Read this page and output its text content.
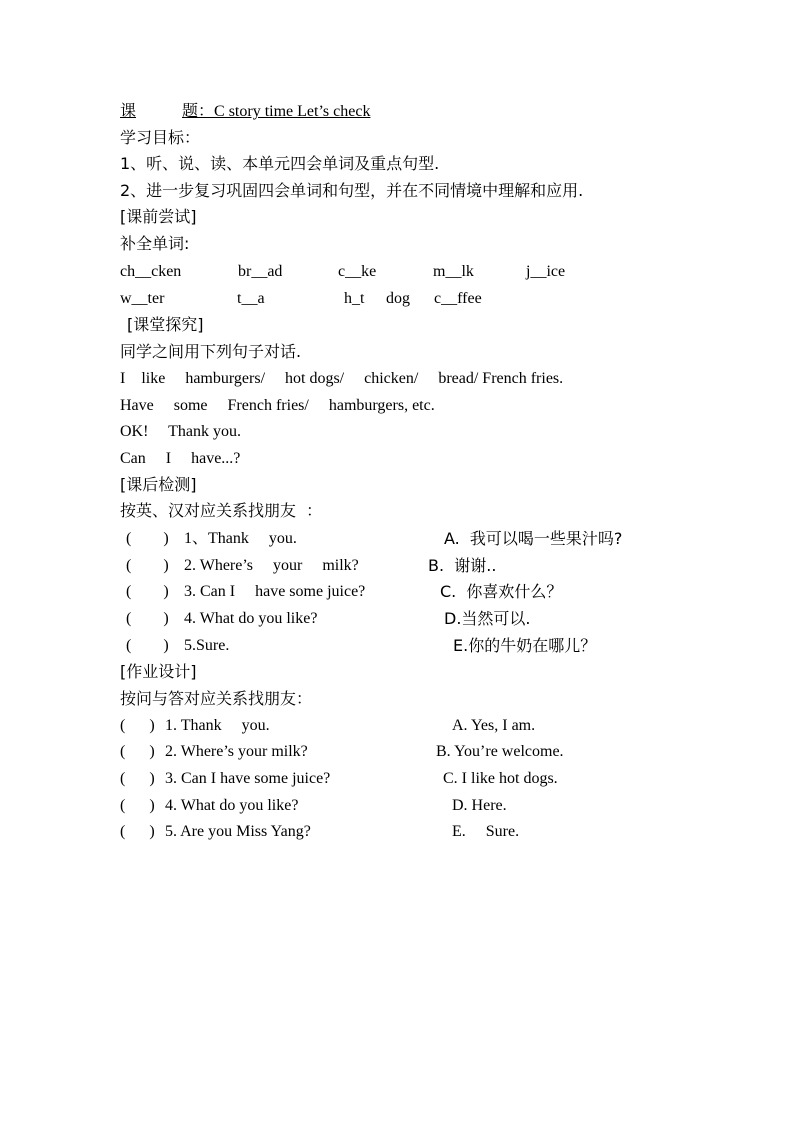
课	题：C story time Let’s check
学习目标：
1、听、说、读、本单元四会单词及重点句型.
2、进一步复习巩固四会单词和句型，并在不同情境中理解和应用.
[课前尝试]
补全单词:
ch__cken	br__ad	c__ke	m__lk	j__ice
w__ter	t__a	h_t dog c__ffee
[课堂探究]
同学之间用下列句子对话.
I    like     hamburgers/     hot dogs/     chicken/     bread/ French fries.
Have     some     French fries/     hamburgers, etc.
OK!     Thank you.
Can     I     have...?
[课后检测]
按英、汉对应关系找朋友  ：
(        ) 1、Thank     you.	A.  我可以喝一些果汁吗?
(        ) 2. Where’s     your     milk?	B.  谢谢..
(        ) 3. Can I     have some juice?	C.  你喜欢什么？
(        ) 4. What do you like?	D.当然可以.
(        ) 5.Sure.	E.你的牛奶在哪儿？
[作业设计]
按问与答对应关系找朋友：
(      ) 1. Thank     you.	A. Yes, I am.
(      ) 2. Where’s your milk?	B. You’re welcome.
(      ) 3. Can I have some juice?	C. I like hot dogs.
(      ) 4. What do you like?	D. Here.
(      ) 5. Are you Miss Yang?	E.     Sure.
